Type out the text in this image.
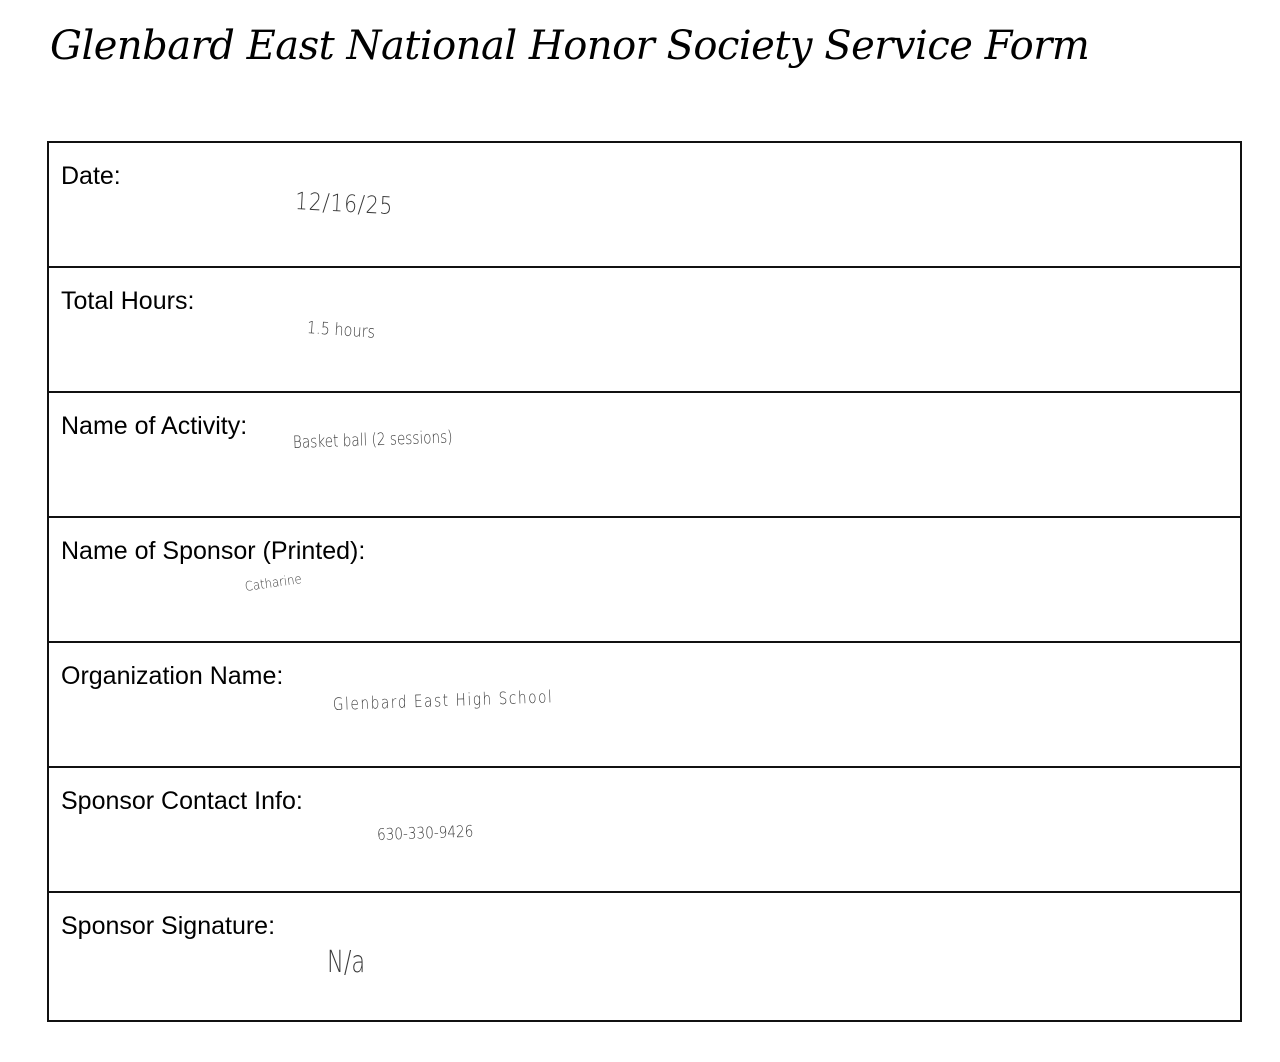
Glenbard East National Honor Society Service Form
Date:
12/16/25
Total Hours:
1.5 hours
Name of Activity:
Basket ball (2 sessions)
Name of Sponsor (Printed):
Catharine
Organization Name:
Glenbard East High School
Sponsor Contact Info:
630-330-9426
Sponsor Signature:
N/a
